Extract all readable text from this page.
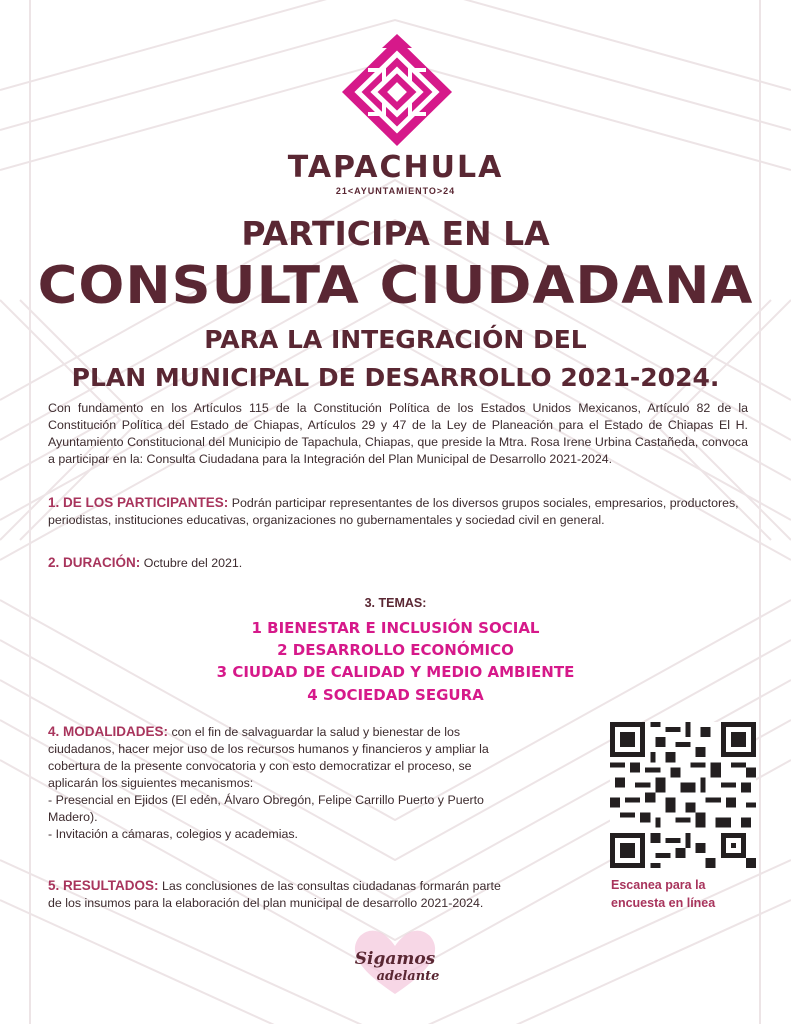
TAPACHULA
21<AYUNTAMIENTO>24
PARTICIPA EN LA
CONSULTA CIUDADANA
PARA LA INTEGRACIÓN DEL
PLAN MUNICIPAL DE DESARROLLO 2021-2024.
Con fundamento en los Artículos 115 de la Constitución Política de los Estados Unidos Mexicanos, Artículo 82 de la Constitución Política del Estado de Chiapas, Artículos 29 y 47 de la Ley de Planeación para el Estado de Chiapas El H. Ayuntamiento Constitucional del Municipio de Tapachula, Chiapas, que preside la Mtra. Rosa Irene Urbina Castañeda, convoca a participar en la: Consulta Ciudadana para la Integración del Plan Municipal de Desarrollo 2021-2024.
1. DE LOS PARTICIPANTES: Podrán participar representantes de los diversos grupos sociales, empresarios, productores, periodistas, instituciones educativas, organizaciones no gubernamentales y sociedad civil en general.
2. DURACIÓN: Octubre del 2021.
3. TEMAS:
1 BIENESTAR E INCLUSIÓN SOCIAL
2 DESARROLLO ECONÓMICO
3 CIUDAD DE CALIDAD Y MEDIO AMBIENTE
4 SOCIEDAD SEGURA

4. MODALIDADES: con el fin de salvaguardar la salud y bienestar de los ciudadanos, hacer mejor uso de los recursos humanos y financieros y ampliar la cobertura de la presente convocatoria y con esto democratizar el proceso, se aplicarán los siguientes mecanismos:

- Presencial en Ejidos (El edén, Álvaro Obregón, Felipe Carrillo Puerto y Puerto Madero).

- Invitación a cámaras, colegios y academias.

5. RESULTADOS: Las conclusiones de las consultas ciudadanas formarán parte de los insumos para la elaboración del plan municipal de desarrollo 2021-2024.

Escanea para la
encuesta en línea
Sigamos
adelante
